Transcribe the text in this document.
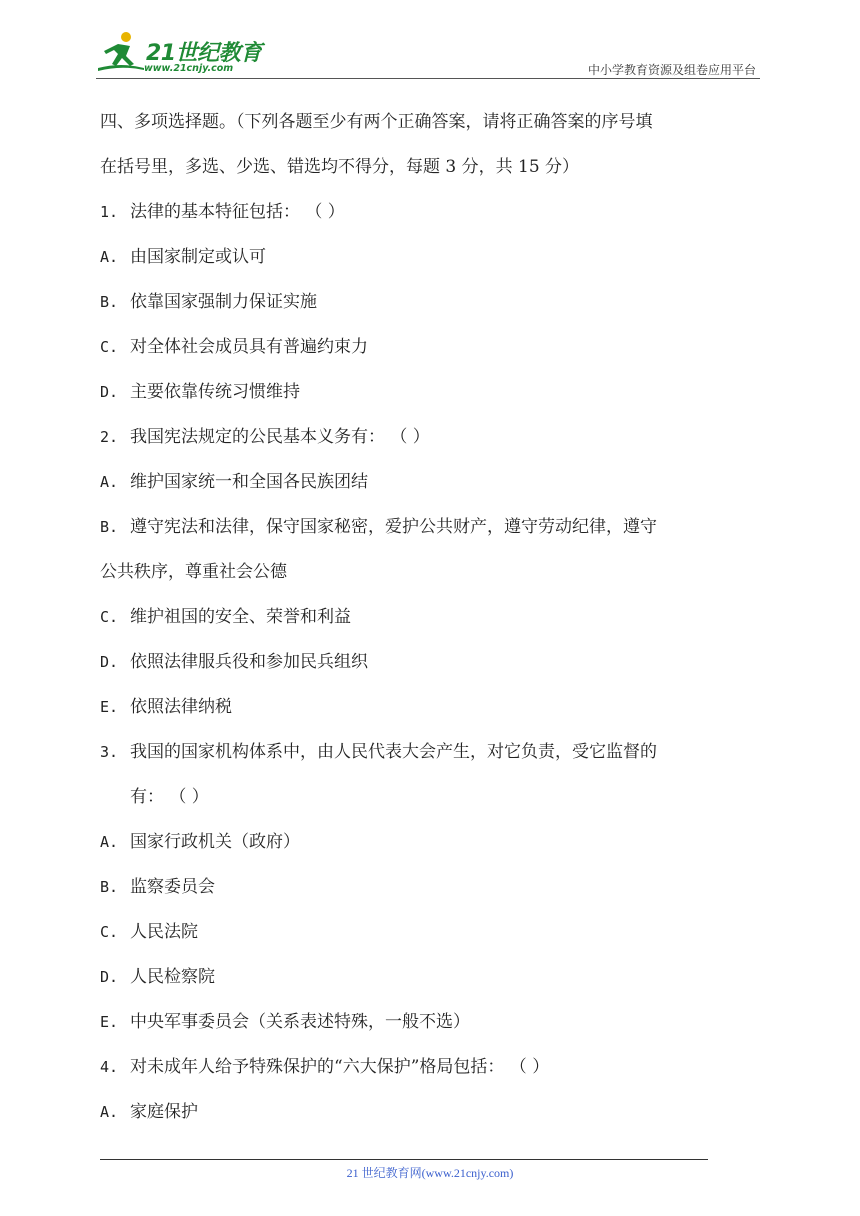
21世纪教育
www.21cnjy.com	中小学教育资源及组卷应用平台
四、多项选择题。（下列各题至少有两个正确答案，请将正确答案的序号填
在括号里，多选、少选、错选均不得分，每题 3 分，共 15 分）
1. 法律的基本特征包括： （ ）
A. 由国家制定或认可
B. 依靠国家强制力保证实施
C. 对全体社会成员具有普遍约束力
D. 主要依靠传统习惯维持
2. 我国宪法规定的公民基本义务有： （ ）
A. 维护国家统一和全国各民族团结
B. 遵守宪法和法律，保守国家秘密，爱护公共财产，遵守劳动纪律，遵守
公共秩序，尊重社会公德
C. 维护祖国的安全、荣誉和利益
D. 依照法律服兵役和参加民兵组织
E. 依照法律纳税
3. 我国的国家机构体系中，由人民代表大会产生，对它负责，受它监督的
有： （ ）
A. 国家行政机关（政府）
B. 监察委员会
C. 人民法院
D. 人民检察院
E. 中央军事委员会（关系表述特殊，一般不选）
4. 对未成年人给予特殊保护的“六大保护”格局包括： （ ）
A. 家庭保护
21 世纪教育网(www.21cnjy.com)
